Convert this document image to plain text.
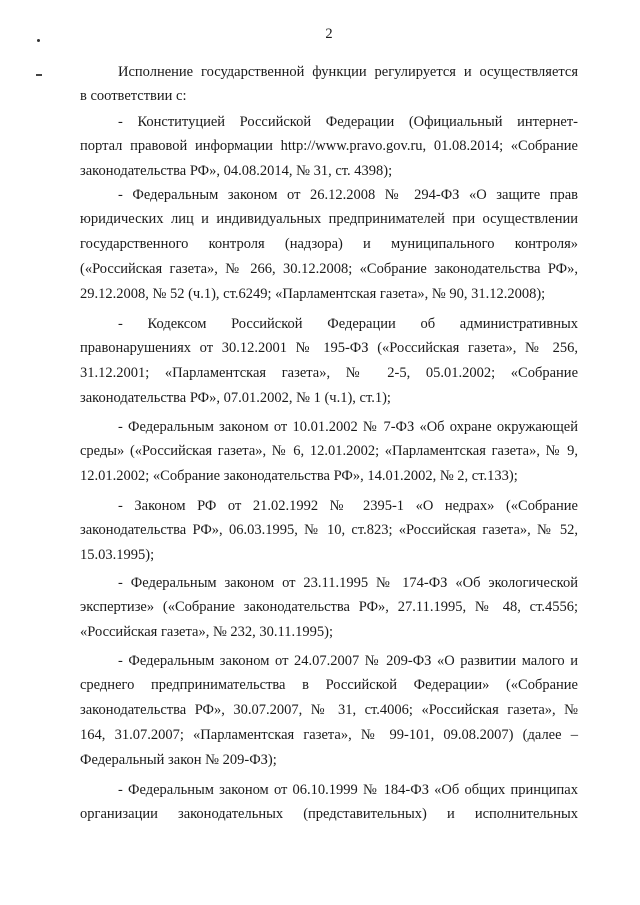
2
Исполнение государственной функции регулируется и осуществляется
в соответствии с:
- Конституцией Российской Федерации (Официальный интернет-
портал правовой информации http://www.pravo.gov.ru, 01.08.2014; «Собрание
законодательства РФ», 04.08.2014, № 31, ст. 4398);
- Федеральным законом от 26.12.2008 № 294-ФЗ «О защите прав
юридических лиц и индивидуальных предпринимателей при осуществлении
государственного контроля (надзора) и муниципального контроля»
(«Российская газета», № 266, 30.12.2008; «Собрание законодательства РФ»,
29.12.2008, № 52 (ч.1), ст.6249; «Парламентская газета», № 90, 31.12.2008);
- Кодексом Российской Федерации об административных
правонарушениях от 30.12.2001 № 195-ФЗ («Российская газета», № 256,
31.12.2001; «Парламентская газета», № 2-5, 05.01.2002; «Собрание
законодательства РФ», 07.01.2002, № 1 (ч.1), ст.1);
- Федеральным законом от 10.01.2002 № 7-ФЗ «Об охране окружающей
среды» («Российская газета», № 6, 12.01.2002; «Парламентская газета», № 9,
12.01.2002; «Собрание законодательства РФ», 14.01.2002, № 2, ст.133);
- Законом РФ от 21.02.1992 № 2395-1 «О недрах» («Собрание
законодательства РФ», 06.03.1995, № 10, ст.823; «Российская газета», № 52,
15.03.1995);
- Федеральным законом от 23.11.1995 № 174-ФЗ «Об экологической
экспертизе» («Собрание законодательства РФ», 27.11.1995, № 48, ст.4556;
«Российская газета», № 232, 30.11.1995);
- Федеральным законом от 24.07.2007 № 209-ФЗ «О развитии малого и
среднего предпринимательства в Российской Федерации» («Собрание
законодательства РФ», 30.07.2007, № 31, ст.4006; «Российская газета», №
164, 31.07.2007; «Парламентская газета», № 99-101, 09.08.2007) (далее –
Федеральный закон № 209-ФЗ);
- Федеральным законом от 06.10.1999 № 184-ФЗ «Об общих принципах
организации законодательных (представительных) и исполнительных
